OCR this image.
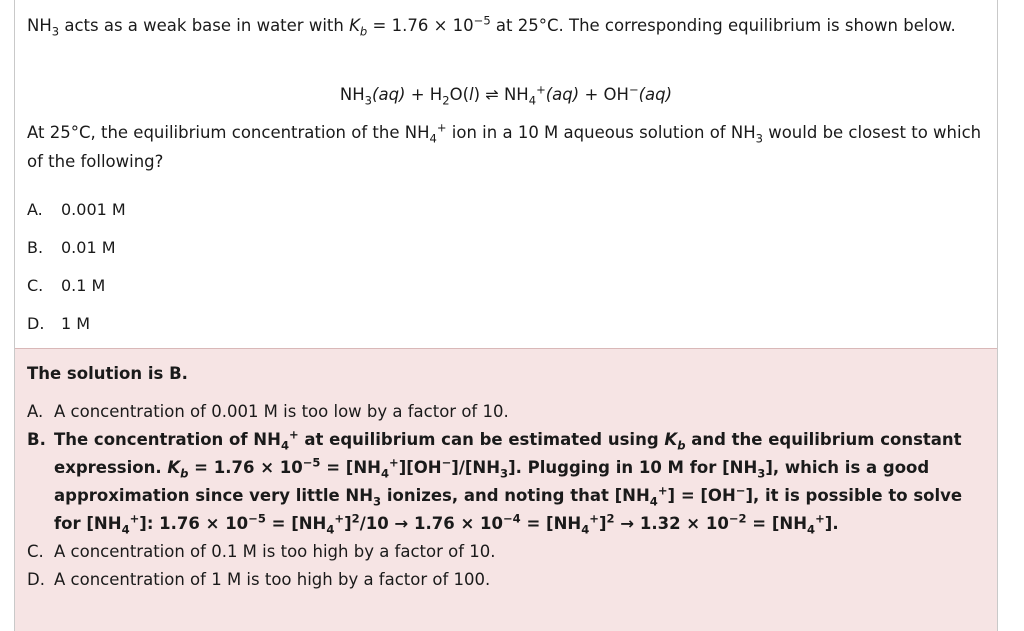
$NH_3$ acts as a weak base in water with $K_b = 1.76 \times 10^{-5}$ at 25°C. The corresponding equilibrium is shown below.
$NH_3(aq) + H_2O(l)$ ⇌ $NH_4^+(aq) + OH^-(aq)$
At 25°C, the equilibrium concentration of the $NH_4^+$ ion in a 10 M aqueous solution of $NH_3$ would be closest to which of the following?
A. 0.001 M
B. 0.01 M
C. 0.1 M
D. 1 M
The solution is B.
A. A concentration of 0.001 M is too low by a factor of 10.
B. The concentration of $NH_4^+$ at equilibrium can be estimated using $K_b$ and the equilibrium constant expression. $K_b = 1.76 \times 10^{-5} = [NH_4^+][OH^-]/[NH_3]$. Plugging in 10 M for $[NH_3]$, which is a good approximation since very little $NH_3$ ionizes, and noting that $[NH_4^+] = [OH^-]$, it is possible to solve for $[NH_4^+]$: $1.76 \times 10^{-5} = [NH_4^+]^2/10 \to 1.76 \times 10^{-4} = [NH_4^+]^2 \to 1.32 \times 10^{-2} = [NH_4^+]$.
C. A concentration of 0.1 M is too high by a factor of 10.
D. A concentration of 1 M is too high by a factor of 100.
